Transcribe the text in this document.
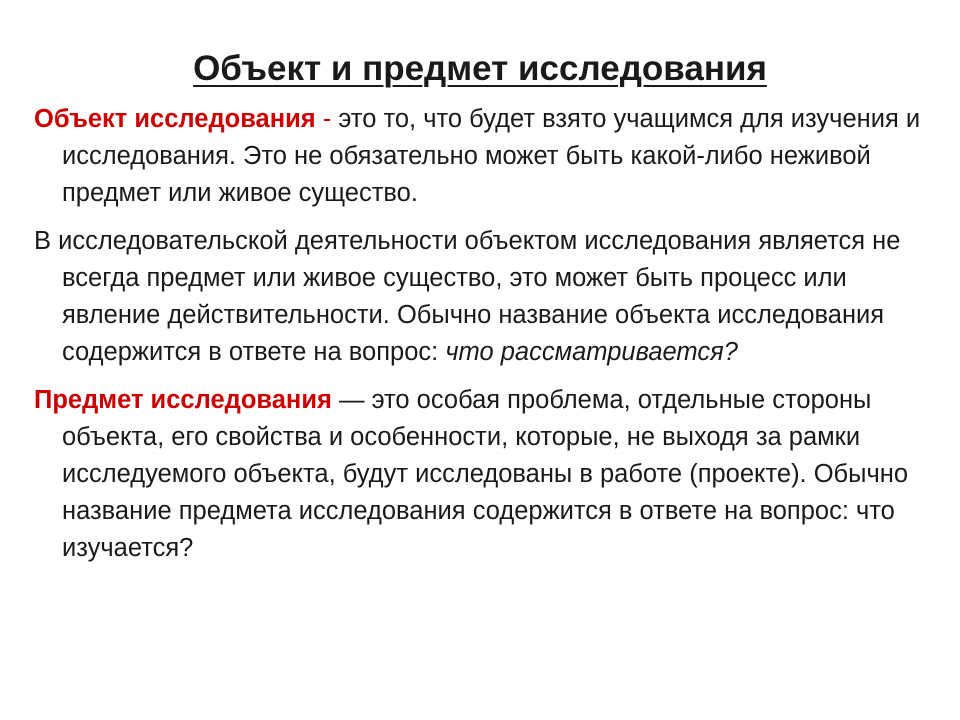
Объект и предмет исследования

Объект исследования - это то, что будет взято учащимся для изучения и исследования. Это не обязательно может быть какой-либо неживой предмет или живое существо.

В исследовательской деятельности объектом исследования является не всегда предмет или живое существо, это может быть процесс или явление действительности. Обычно название объекта исследования содержится в ответе на вопрос: что рассматривается?

Предмет исследования — это особая проблема, отдельные стороны объекта, его свойства и особенности, которые, не выходя за рамки исследуемого объекта, будут исследованы в работе (проекте). Обычно название предмета исследования содержится в ответе на вопрос: что изучается?
